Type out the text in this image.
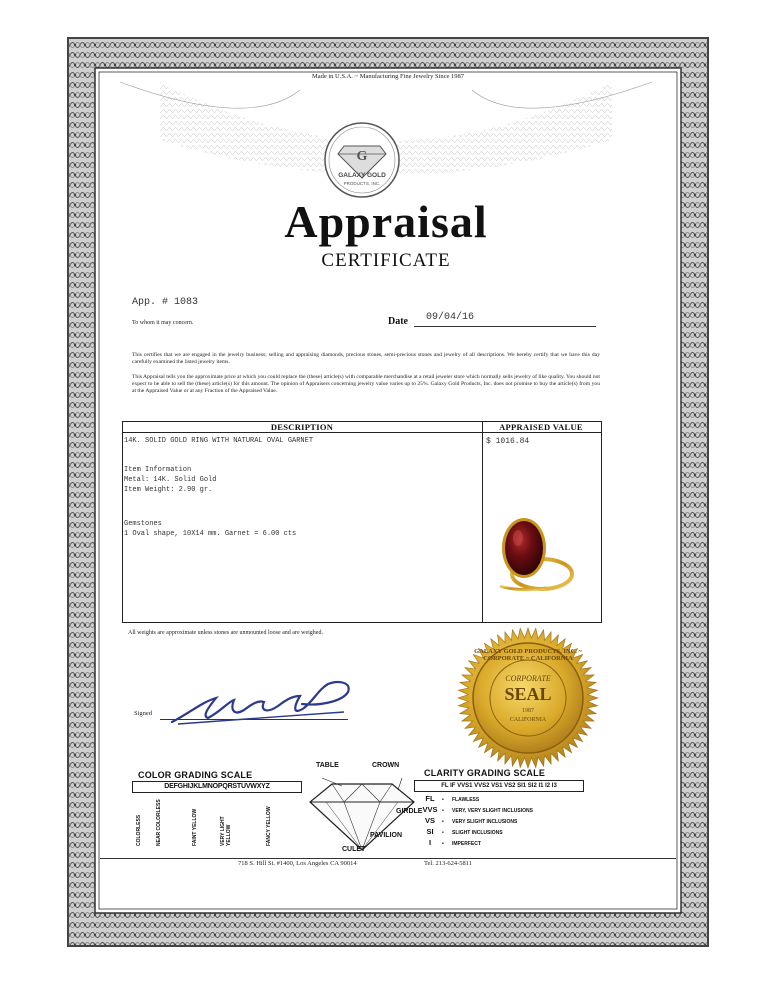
Made in U.S.A. ~ Manufacturing Fine Jewelry Since 1987
G
GALAXY GOLD
PRODUCTS, INC.
Appraisal
CERTIFICATE
App. # 1083
To whom it may concern.	Date 09/04/16
This certifies that we are engaged in the jewelry business; selling and appraising diamonds, precious stones, semi-precious stones and jewelry of all descriptions. We hereby certify that we have this day carefully examined the listed jewelry items.
This Appraisal tells you the approximate price at which you could replace the (these) article(s) with comparable merchandise at a retail jeweler store which normally sells jewelry of like quality. You should not expect to be able to sell the (these) article(s) for this amount. The opinion of Appraisers concerning jewelry value varies up to 25%. Galaxy Gold Products, Inc. does not promise to buy the article(s) from you at the Appraised Value or at any Fraction of the Appraised Value.
DESCRIPTION	APPRAISED VALUE
14K. SOLID GOLD RING WITH NATURAL OVAL GARNET
Item Information
Metal: 14K. Solid Gold
Item Weight: 2.90 gr.
Gemstones
1 Oval shape, 10X14 mm. Garnet = 6.00 cts
$ 1016.84
All weights are approximate unless stones are unmounted loose and are weighed.
Signed
CORPORATE
SEAL
1987
CALIFORNIA
GALAXY GOLD PRODUCTS, INC. ~ CORPORATE ~ CALIFORNIA
COLOR GRADING SCALE
DEFGHIJKLMNOPQRSTUVWXYZ
COLORLESS	NEAR COLORLESS	FAINT YELLOW	VERY LIGHT YELLOW	FANCY YELLOW
TABLE	CROWN
GIRDLE
PAVILION
CULET
CLARITY GRADING SCALE
FL IF VVS1 VVS2 VS1 VS2 SI1 SI2 I1 I2 I3
FL • FLAWLESS
VVS • VERY, VERY SLIGHT INCLUSIONS
VS • VERY SLIGHT INCLUSIONS
SI • SLIGHT INCLUSIONS
I • IMPERFECT
718 S. Hill St. #1400, Los Angeles CA 90014	Tel. 213-624-5811
